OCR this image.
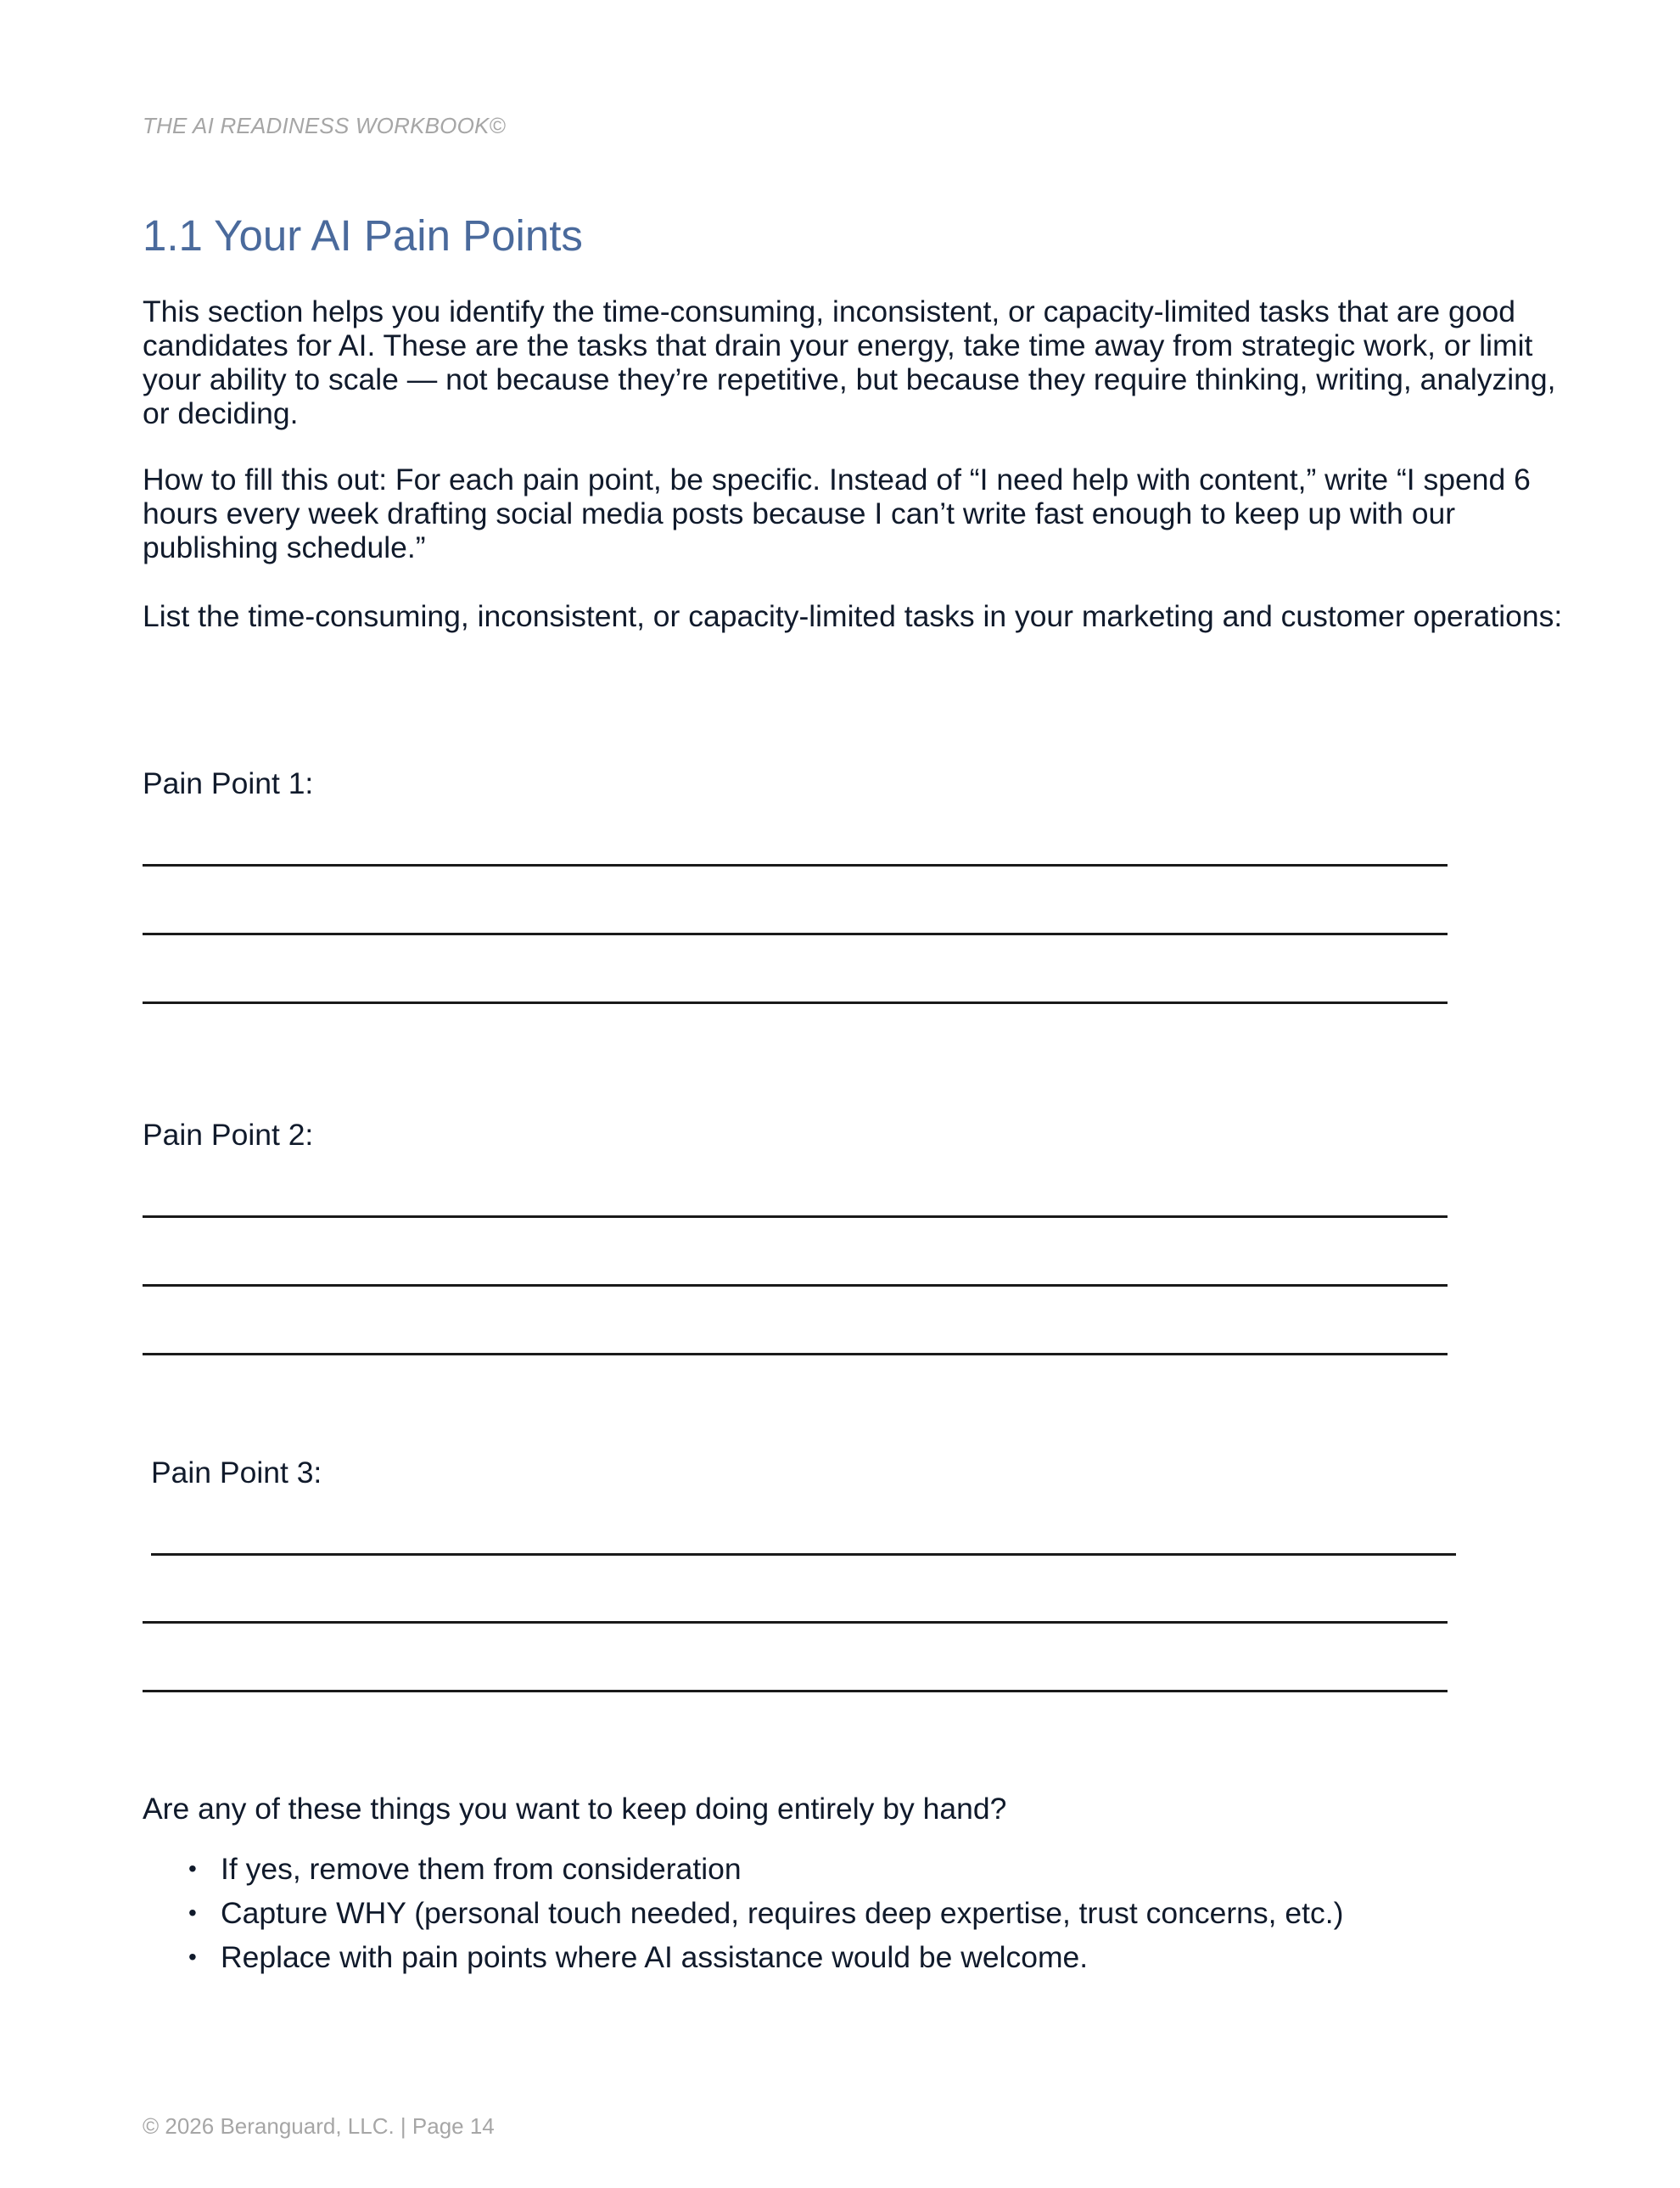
THE AI READINESS WORKBOOK©
1.1 Your AI Pain Points

This section helps you identify the time-consuming, inconsistent, or capacity-limited tasks that are good candidates for AI. These are the tasks that drain your energy, take time away from strategic work, or limit your ability to scale — not because they’re repetitive, but because they require thinking, writing, analyzing, or deciding.

How to fill this out: For each pain point, be specific. Instead of “I need help with content,” write “I spend 6 hours every week drafting social media posts because I can’t write fast enough to keep up with our publishing schedule.”

List the time-consuming, inconsistent, or capacity-limited tasks in your marketing and customer operations:

Pain Point 1:
Pain Point 2:
Pain Point 3:
Are any of these things you want to keep doing entirely by hand?
• If yes, remove them from consideration
• Capture WHY (personal touch needed, requires deep expertise, trust concerns, etc.)
• Replace with pain points where AI assistance would be welcome.
© 2026 Beranguard, LLC. | Page 14
